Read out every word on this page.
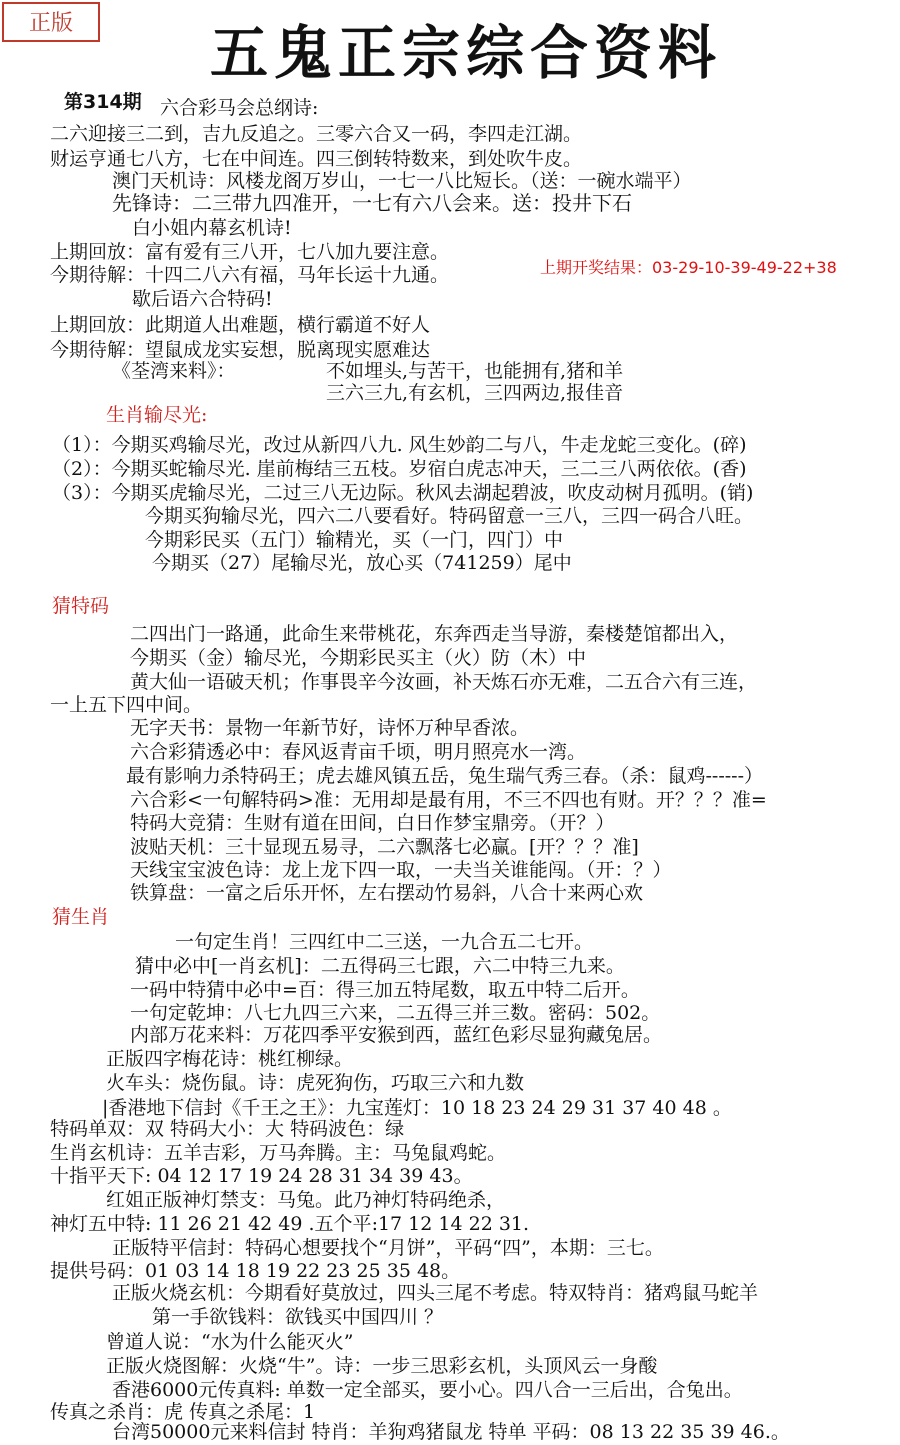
正版	五鬼正宗综合资料
第314期 六合彩马会总纲诗:
二六迎接三二到，吉九反追之。三零六合又一码，李四走江湖。
财运亨通七八方，七在中间连。四三倒转特数来，到处吹牛皮。
澳门天机诗：风楼龙阁万岁山，一七一八比短长。（送：一碗水端平）
先锋诗：二三带九四准开，一七有六八会来。送：投井下石
白小姐内幕玄机诗!
上期回放：富有爱有三八开，七八加九要注意。
上期开奖结果：03-29-10-39-49-22+38
今期待解：十四二八六有福，马年长运十九通。
歇后语六合特码!
上期回放：此期道人出难题，横行霸道不好人
今期待解：望鼠成龙实妄想，脱离现实愿难达
《荃湾来料》：	不如埋头,与苦干，也能拥有,猪和羊
三六三九,有玄机，三四两边,报佳音
生肖输尽光:
（1）：今期买鸡输尽光，改过从新四八九. 风生妙韵二与八，牛走龙蛇三变化。(碎)
（2）：今期买蛇输尽光. 崖前梅结三五枝。岁宿白虎志冲天，三二三八两依依。(香)
（3）：今期买虎输尽光，二过三八无边际。秋风去湖起碧波，吹皮动树月孤明。(销)
今期买狗输尽光，四六二八要看好。特码留意一三八，三四一码合八旺。
今期彩民买（五门）输精光，买（一门，四门）中
今期买（27）尾输尽光，放心买（741259）尾中
猜特码
二四出门一路通，此命生来带桃花，东奔西走当导游，秦楼楚馆都出入，
今期买（金）输尽光，今期彩民买主（火）防（木）中
黄大仙一语破天机；作事畏辛今汝画，补天炼石亦无难，二五合六有三连，
一上五下四中间。
无字天书：景物一年新节好，诗怀万种早香浓。
六合彩猜透必中：春风返青亩千顷，明月照亮水一湾。
最有影响力杀特码王；虎去雄风镇五岳，兔生瑞气秀三春。（杀：鼠鸡------）
六合彩<一句解特码>准：无用却是最有用，不三不四也有财。开？？？准=
特码大竞猜：生财有道在田间，白日作梦宝鼎旁。（开？）
波贴天机：三十显现五易寻，二六飘落七必赢。[开？？？准]
天线宝宝波色诗：龙上龙下四一取，一夫当关谁能闯。（开：？）
铁算盘：一富之后乐开怀，左右摆动竹易斜，八合十来两心欢
猜生肖
一句定生肖！三四红中二三送，一九合五二七开。
猜中必中[一肖玄机]：二五得码三七跟，六二中特三九来。
一码中特猜中必中=百：得三加五特尾数，取五中特二后开。
一句定乾坤：八七九四三六来，二五得三并三数。密码：502。
内部万花来料：万花四季平安猴到西，蓝红色彩尽显狗藏兔居。
正版四字梅花诗：桃红柳绿。
火车头：烧伤鼠。诗：虎死狗伤，巧取三六和九数
|香港地下信封《千王之王》：九宝莲灯：10 18 23 24 29 31 37 40 48 。
特码单双：双 特码大小：大 特码波色：绿
生肖玄机诗：五羊吉彩，万马奔腾。主：马兔鼠鸡蛇。
十指平天下: 04 12 17 19 24 28 31 34 39 43。
红姐正版神灯禁支：马兔。此乃神灯特码绝杀，
神灯五中特: 11 26 21 42 49 .五个平:17 12 14 22 31.
正版特平信封：特码心想要找个“月饼”，平码“四”，本期：三七。
提供号码：01 03 14 18 19 22 23 25 35 48。
正版火烧玄机：今期看好莫放过，四头三尾不考虑。特双特肖：猪鸡鼠马蛇羊
第一手欲钱料：欲钱买中国四川 ？
曾道人说：“水为什么能灭火”
正版火烧图解：火烧“牛”。诗：一步三思彩玄机，头顶风云一身酸
香港6000元传真料: 单数一定全部买，要小心。四八合一三后出，合兔出。
传真之杀肖：虎 传真之杀尾：1
台湾50000元来料信封 特肖：羊狗鸡猪鼠龙 特单 平码：08 13 22 35 39 46.。
